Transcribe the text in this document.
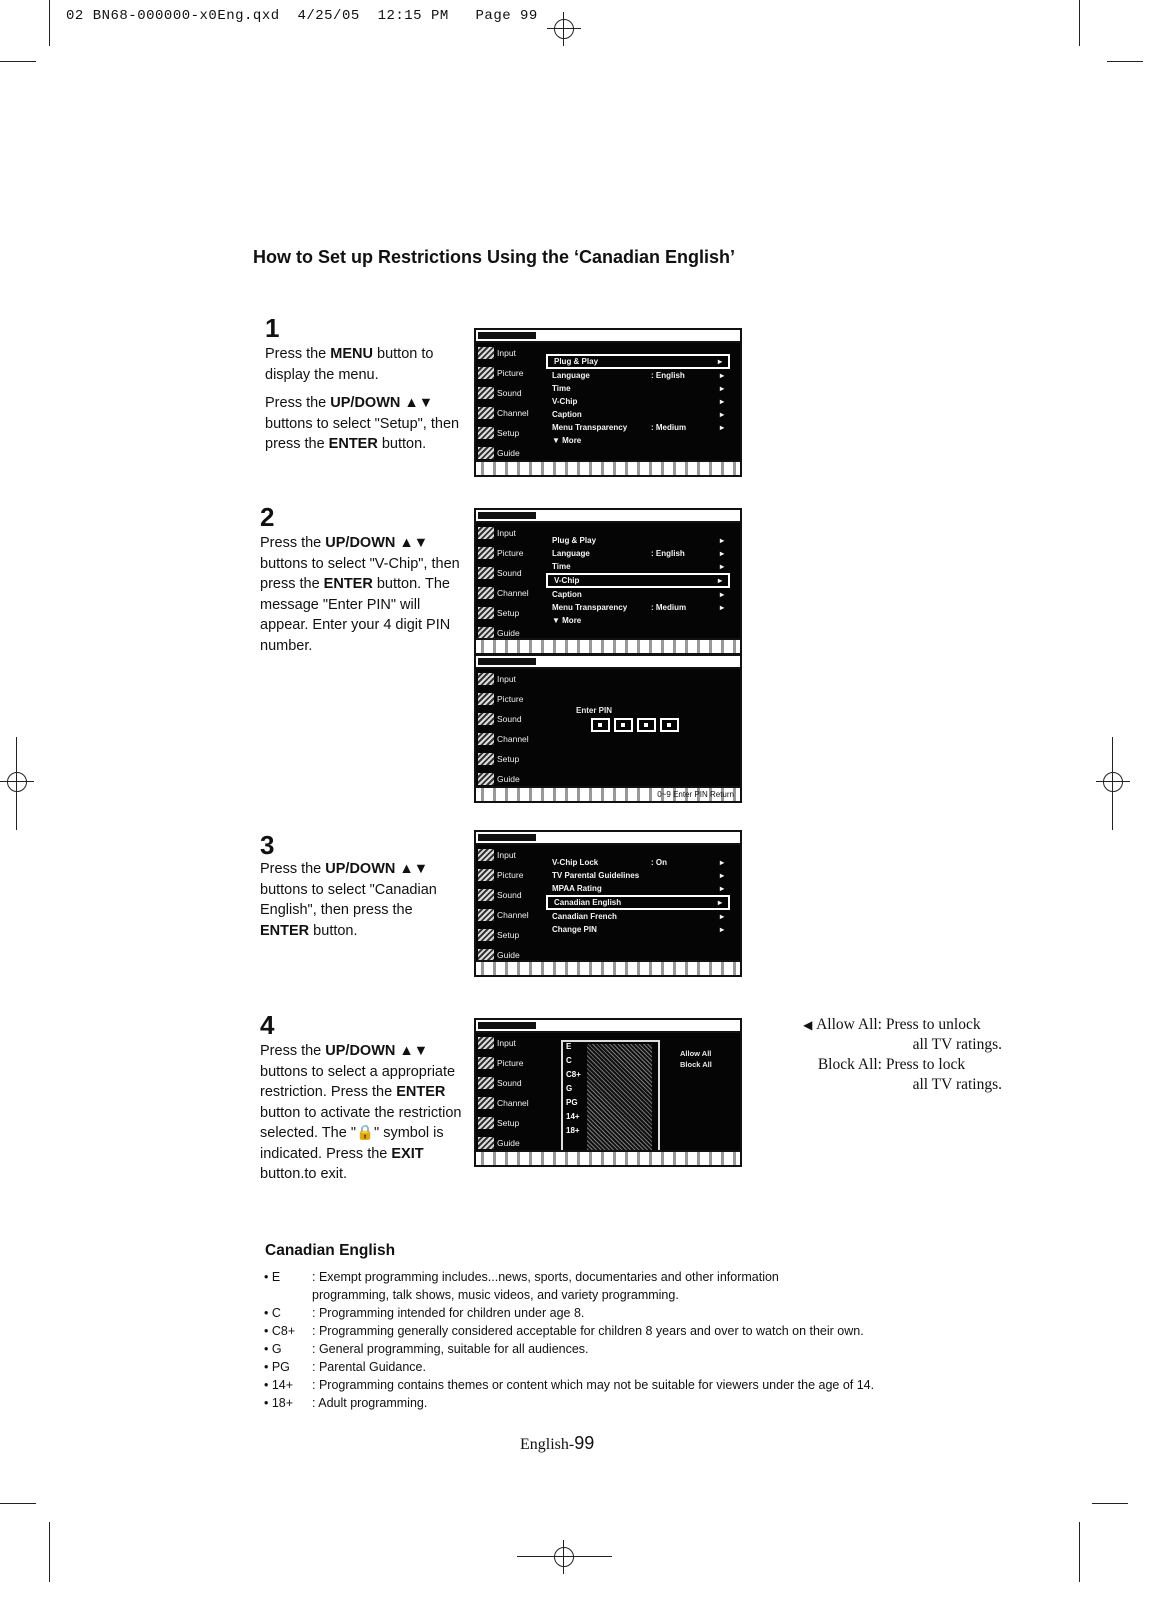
02 BN68-000000-x0Eng.qxd 4/25/05 12:15 PM Page 99
How to Set up Restrictions Using the ‘Canadian English’
1

Press the MENU button to display the menu.

Press the UP/DOWN ▲▼ buttons to select "Setup", then press the ENTER button.

2

Press the UP/DOWN ▲▼ buttons to select "V-Chip", then press the ENTER button. The message "Enter PIN" will appear. Enter your 4 digit PIN number.

3

Press the UP/DOWN ▲▼ buttons to select "Canadian English", then press the ENTER button.

4

Press the UP/DOWN ▲▼ buttons to select a appropriate restriction. Press the ENTER button to activate the restriction selected. The "🔒" symbol is indicated. Press the EXIT button.to exit.

Input
Picture
Sound
Channel
Setup
Guide
Plug & Play	▸
Language	: English	▸
Time	▸
V-Chip	▸
Caption	▸
Menu Transparency	: Medium	▸
▼ More
Input
Picture
Sound
Channel
Setup
Guide
Plug & Play	▸
Language	: English	▸
Time	▸
V-Chip	▸
Caption	▸
Menu Transparency	: Medium	▸
▼ More
Input
Picture
Sound
Channel
Setup
Guide
Enter PIN
0~9 Enter PIN Return
Input
Picture
Sound
Channel
Setup
Guide
V-Chip Lock	: On	▸
TV Parental Guidelines	▸
MPAA Rating	▸
Canadian English	▸
Canadian French	▸
Change PIN	▸
Input
Picture
Sound
Channel
Setup
Guide
E
C
C8+
G
PG
14+
18+
Allow All
Block All
◀ Allow All: Press to unlock
all TV ratings.
Block All: Press to lock
all TV ratings.
Canadian English
• E	: Exempt programming includes...news, sports, documentaries and other information
programming, talk shows, music videos, and variety programming.
• C	: Programming intended for children under age 8.
• C8+	: Programming generally considered acceptable for children 8 years and over to watch on their own.
• G	: General programming, suitable for all audiences.
• PG	: Parental Guidance.
• 14+	: Programming contains themes or content which may not be suitable for viewers under the age of 14.
• 18+	: Adult programming.
English-99
